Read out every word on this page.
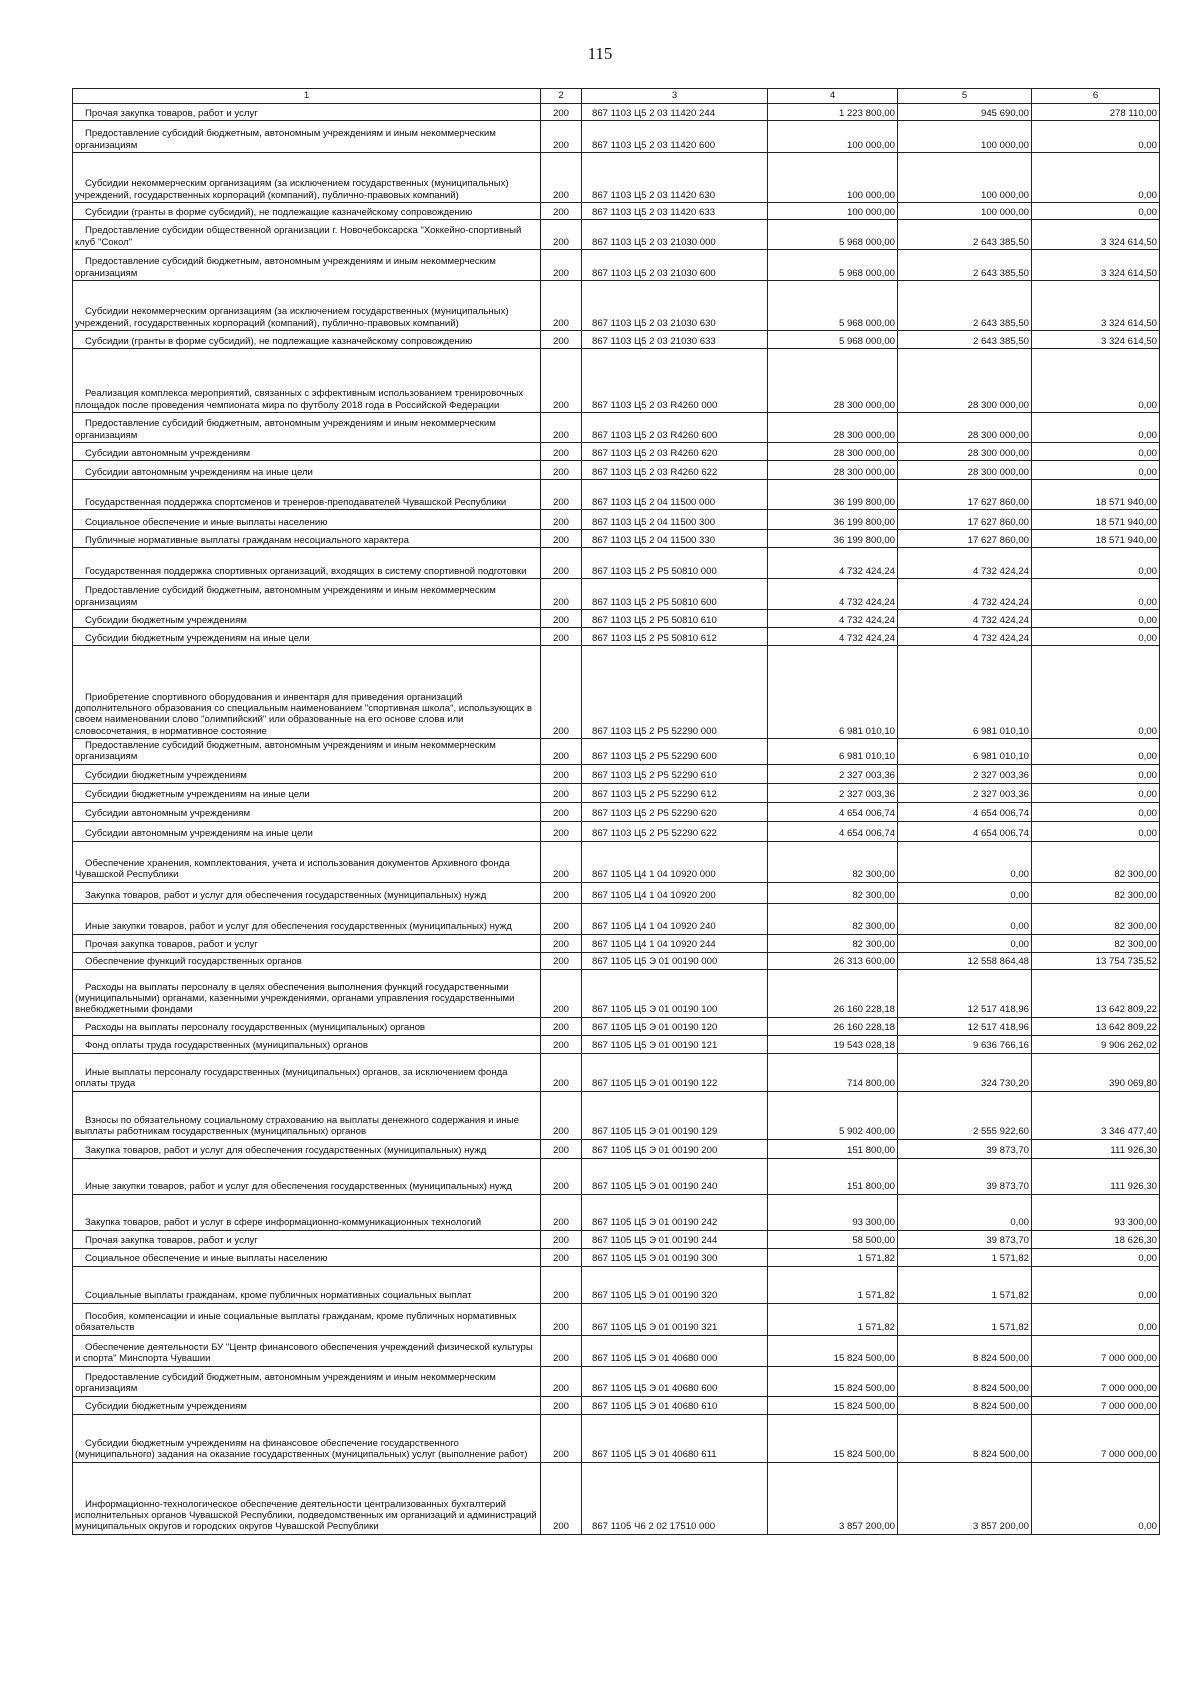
115
1	2	3	4	5	6

Прочая закупка товаров, работ и услуг	200	867 1103 Ц5 2 03 11420 244	1 223 800,00	945 690,00	278 110,00

Предоставление субсидий бюджетным, автономным учреждениям и иным некоммерческим организациям	200	867 1103 Ц5 2 03 11420 600	100 000,00	100 000,00	0,00

Субсидии некоммерческим организациям (за исключением государственных (муниципальных) учреждений, государственных корпораций (компаний), публично-правовых компаний)	200	867 1103 Ц5 2 03 11420 630	100 000,00	100 000,00	0,00

Субсидии (гранты в форме субсидий), не подлежащие казначейскому сопровождению	200	867 1103 Ц5 2 03 11420 633	100 000,00	100 000,00	0,00

Предоставление субсидии общественной организации г. Новочебоксарска "Хоккейно-спортивный клуб "Сокол"	200	867 1103 Ц5 2 03 21030 000	5 968 000,00	2 643 385,50	3 324 614,50

Предоставление субсидий бюджетным, автономным учреждениям и иным некоммерческим организациям	200	867 1103 Ц5 2 03 21030 600	5 968 000,00	2 643 385,50	3 324 614,50

Субсидии некоммерческим организациям (за исключением государственных (муниципальных) учреждений, государственных корпораций (компаний), публично-правовых компаний)	200	867 1103 Ц5 2 03 21030 630	5 968 000,00	2 643 385,50	3 324 614,50

Субсидии (гранты в форме субсидий), не подлежащие казначейскому сопровождению	200	867 1103 Ц5 2 03 21030 633	5 968 000,00	2 643 385,50	3 324 614,50

Реализация комплекса мероприятий, связанных с эффективным использованием тренировочных площадок после проведения чемпионата мира по футболу 2018 года в Российской Федерации	200	867 1103 Ц5 2 03 R4260 000	28 300 000,00	28 300 000,00	0,00

Предоставление субсидий бюджетным, автономным учреждениям и иным некоммерческим организациям	200	867 1103 Ц5 2 03 R4260 600	28 300 000,00	28 300 000,00	0,00

Субсидии автономным учреждениям	200	867 1103 Ц5 2 03 R4260 620	28 300 000,00	28 300 000,00	0,00

Субсидии автономным учреждениям на иные цели	200	867 1103 Ц5 2 03 R4260 622	28 300 000,00	28 300 000,00	0,00

Государственная поддержка спортсменов и тренеров-преподавателей Чувашской Республики	200	867 1103 Ц5 2 04 11500 000	36 199 800,00	17 627 860,00	18 571 940,00

Социальное обеспечение и иные выплаты населению	200	867 1103 Ц5 2 04 11500 300	36 199 800,00	17 627 860,00	18 571 940,00

Публичные нормативные выплаты гражданам несоциального характера	200	867 1103 Ц5 2 04 11500 330	36 199 800,00	17 627 860,00	18 571 940,00

Государственная поддержка спортивных организаций, входящих в систему спортивной подготовки	200	867 1103 Ц5 2 Р5 50810 000	4 732 424,24	4 732 424,24	0,00

Предоставление субсидий бюджетным, автономным учреждениям и иным некоммерческим организациям	200	867 1103 Ц5 2 Р5 50810 600	4 732 424,24	4 732 424,24	0,00

Субсидии бюджетным учреждениям	200	867 1103 Ц5 2 Р5 50810 610	4 732 424,24	4 732 424,24	0,00

Субсидии бюджетным учреждениям на иные цели	200	867 1103 Ц5 2 Р5 50810 612	4 732 424,24	4 732 424,24	0,00

Приобретение спортивного оборудования и инвентаря для приведения организаций дополнительного образования со специальным наименованием "спортивная школа", использующих в своем наименовании слово "олимпийский" или образованные на его основе слова или словосочетания, в нормативное состояние	200	867 1103 Ц5 2 Р5 52290 000	6 981 010,10	6 981 010,10	0,00

Предоставление субсидий бюджетным, автономным учреждениям и иным некоммерческим организациям	200	867 1103 Ц5 2 Р5 52290 600	6 981 010,10	6 981 010,10	0,00

Субсидии бюджетным учреждениям	200	867 1103 Ц5 2 Р5 52290 610	2 327 003,36	2 327 003,36	0,00

Субсидии бюджетным учреждениям на иные цели	200	867 1103 Ц5 2 Р5 52290 612	2 327 003,36	2 327 003,36	0,00

Субсидии автономным учреждениям	200	867 1103 Ц5 2 Р5 52290 620	4 654 006,74	4 654 006,74	0,00

Субсидии автономным учреждениям на иные цели	200	867 1103 Ц5 2 Р5 52290 622	4 654 006,74	4 654 006,74	0,00

Обеспечение хранения, комплектования, учета и использования документов Архивного фонда Чувашской Республики	200	867 1105 Ц4 1 04 10920 000	82 300,00	0,00	82 300,00

Закупка товаров, работ и услуг для обеспечения государственных (муниципальных) нужд	200	867 1105 Ц4 1 04 10920 200	82 300,00	0,00	82 300,00

Иные закупки товаров, работ и услуг для обеспечения государственных (муниципальных) нужд	200	867 1105 Ц4 1 04 10920 240	82 300,00	0,00	82 300,00

Прочая закупка товаров, работ и услуг	200	867 1105 Ц4 1 04 10920 244	82 300,00	0,00	82 300,00

Обеспечение функций государственных органов	200	867 1105 Ц5 Э 01 00190 000	26 313 600,00	12 558 864,48	13 754 735,52

Расходы на выплаты персоналу в целях обеспечения выполнения функций государственными (муниципальными) органами, казенными учреждениями, органами управления государственными внебюджетными фондами	200	867 1105 Ц5 Э 01 00190 100	26 160 228,18	12 517 418,96	13 642 809,22

Расходы на выплаты персоналу государственных (муниципальных) органов	200	867 1105 Ц5 Э 01 00190 120	26 160 228,18	12 517 418,96	13 642 809,22

Фонд оплаты труда государственных (муниципальных) органов	200	867 1105 Ц5 Э 01 00190 121	19 543 028,18	9 636 766,16	9 906 262,02

Иные выплаты персоналу государственных (муниципальных) органов, за исключением фонда оплаты труда	200	867 1105 Ц5 Э 01 00190 122	714 800,00	324 730,20	390 069,80

Взносы по обязательному социальному страхованию на выплаты денежного содержания и иные выплаты работникам государственных (муниципальных) органов	200	867 1105 Ц5 Э 01 00190 129	5 902 400,00	2 555 922,60	3 346 477,40

Закупка товаров, работ и услуг для обеспечения государственных (муниципальных) нужд	200	867 1105 Ц5 Э 01 00190 200	151 800,00	39 873,70	111 926,30

Иные закупки товаров, работ и услуг для обеспечения государственных (муниципальных) нужд	200	867 1105 Ц5 Э 01 00190 240	151 800,00	39 873,70	111 926,30

Закупка товаров, работ и услуг в сфере информационно-коммуникационных технологий	200	867 1105 Ц5 Э 01 00190 242	93 300,00	0,00	93 300,00

Прочая закупка товаров, работ и услуг	200	867 1105 Ц5 Э 01 00190 244	58 500,00	39 873,70	18 626,30

Социальное обеспечение и иные выплаты населению	200	867 1105 Ц5 Э 01 00190 300	1 571,82	1 571,82	0,00

Социальные выплаты гражданам, кроме публичных нормативных социальных выплат	200	867 1105 Ц5 Э 01 00190 320	1 571,82	1 571,82	0,00

Пособия, компенсации и иные социальные выплаты гражданам, кроме публичных нормативных обязательств	200	867 1105 Ц5 Э 01 00190 321	1 571,82	1 571,82	0,00

Обеспечение деятельности БУ "Центр финансового обеспечения учреждений физической культуры и спорта" Минспорта Чувашии	200	867 1105 Ц5 Э 01 40680 000	15 824 500,00	8 824 500,00	7 000 000,00

Предоставление субсидий бюджетным, автономным учреждениям и иным некоммерческим организациям	200	867 1105 Ц5 Э 01 40680 600	15 824 500,00	8 824 500,00	7 000 000,00

Субсидии бюджетным учреждениям	200	867 1105 Ц5 Э 01 40680 610	15 824 500,00	8 824 500,00	7 000 000,00

Субсидии бюджетным учреждениям на финансовое обеспечение государственного (муниципального) задания на оказание государственных (муниципальных) услуг (выполнение работ)	200	867 1105 Ц5 Э 01 40680 611	15 824 500,00	8 824 500,00	7 000 000,00

Информационно-технологическое обеспечение деятельности централизованных бухгалтерий исполнительных органов Чувашской Республики, подведомственных им организаций и администраций муниципальных округов и городских округов Чувашской Республики	200	867 1105 Ч6 2 02 17510 000	3 857 200,00	3 857 200,00	0,00
